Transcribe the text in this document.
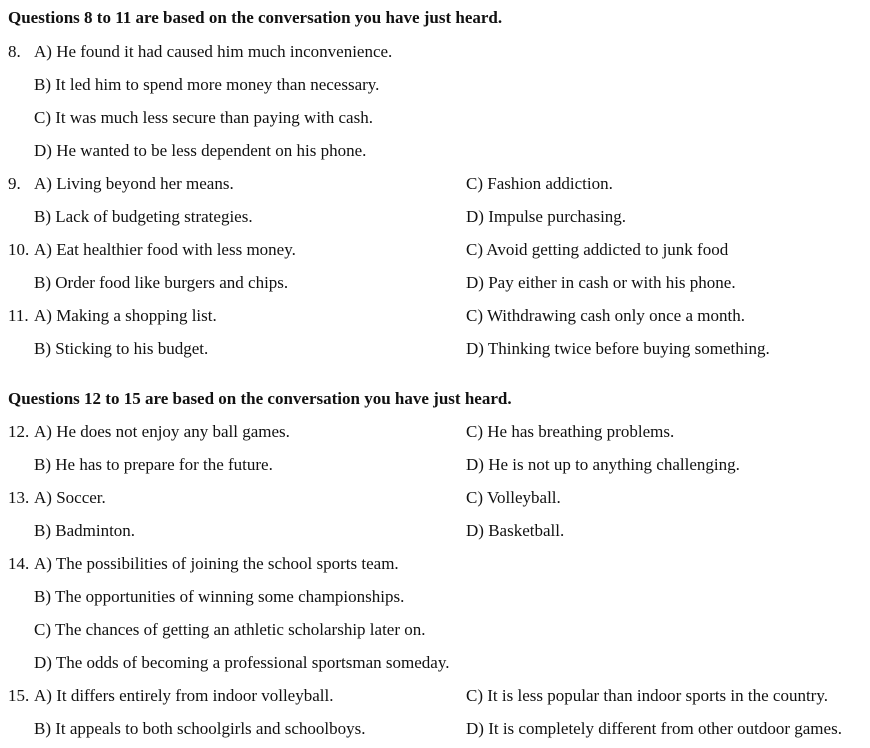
Questions 8 to 11 are based on the conversation you have just heard.
8. A) He found it had caused him much inconvenience.
B) It led him to spend more money than necessary.
C) It was much less secure than paying with cash.
D) He wanted to be less dependent on his phone.
9. A) Living beyond her means.	C) Fashion addiction.
B) Lack of budgeting strategies.	D) Impulse purchasing.
10. A) Eat healthier food with less money.	C) Avoid getting addicted to junk food
B) Order food like burgers and chips.	D) Pay either in cash or with his phone.
11. A) Making a shopping list.	C) Withdrawing cash only once a month.
B) Sticking to his budget.	D) Thinking twice before buying something.
Questions 12 to 15 are based on the conversation you have just heard.
12. A) He does not enjoy any ball games.	C) He has breathing problems.
B) He has to prepare for the future.	D) He is not up to anything challenging.
13. A) Soccer.	C) Volleyball.
B) Badminton.	D) Basketball.
14. A) The possibilities of joining the school sports team.
B) The opportunities of winning some championships.
C) The chances of getting an athletic scholarship later on.
D) The odds of becoming a professional sportsman someday.
15. A) It differs entirely from indoor volleyball.	C) It is less popular than indoor sports in the country.
B) It appeals to both schoolgirls and schoolboys.	D) It is completely different from other outdoor games.
